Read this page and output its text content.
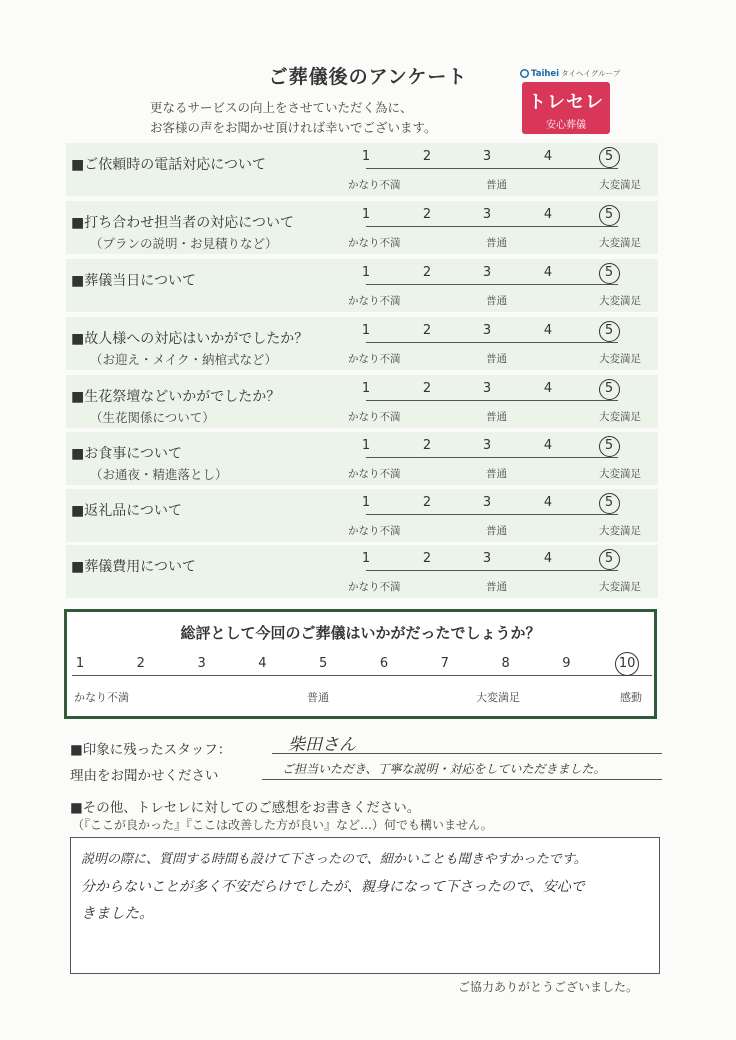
ご葬儀後のアンケート
更なるサービスの向上をさせていただく為に、
お客様の声をお聞かせ頂ければ幸いでございます。
Taihei タイヘイグループ
トレセレ
安心葬儀
■ご依頼時の電話対応について
1	2	3	4	5
かなり不満	普通	大変満足
■打ち合わせ担当者の対応について
（プランの説明・お見積りなど）
1	2	3	4	5
かなり不満	普通	大変満足
■葬儀当日について
1	2	3	4	5
かなり不満	普通	大変満足
■故人様への対応はいかがでしたか？
（お迎え・メイク・納棺式など）
1	2	3	4	5
かなり不満	普通	大変満足
■生花祭壇などいかがでしたか？
（生花関係について）
1	2	3	4	5
かなり不満	普通	大変満足
■お食事について
（お通夜・精進落とし）
1	2	3	4	5
かなり不満	普通	大変満足
■返礼品について
1	2	3	4	5
かなり不満	普通	大変満足
■葬儀費用について
1	2	3	4	5
かなり不満	普通	大変満足
総評として今回のご葬儀はいかがだったでしょうか？
1	2	3	4	5	6	7	8	9	10
かなり不満	普通	大変満足	感動
■印象に残ったスタッフ：	柴田さん
理由をお聞かせください	ご担当いただき、丁寧な説明・対応をしていただきました。
■その他、トレセレに対してのご感想をお書きください。
（『ここが良かった』『ここは改善した方が良い』など…）何でも構いません。
説明の際に、質問する時間も設けて下さったので、細かいことも聞きやすかったです。
分からないことが多く不安だらけでしたが、親身になって下さったので、安心で
きました。
ご協力ありがとうございました。
